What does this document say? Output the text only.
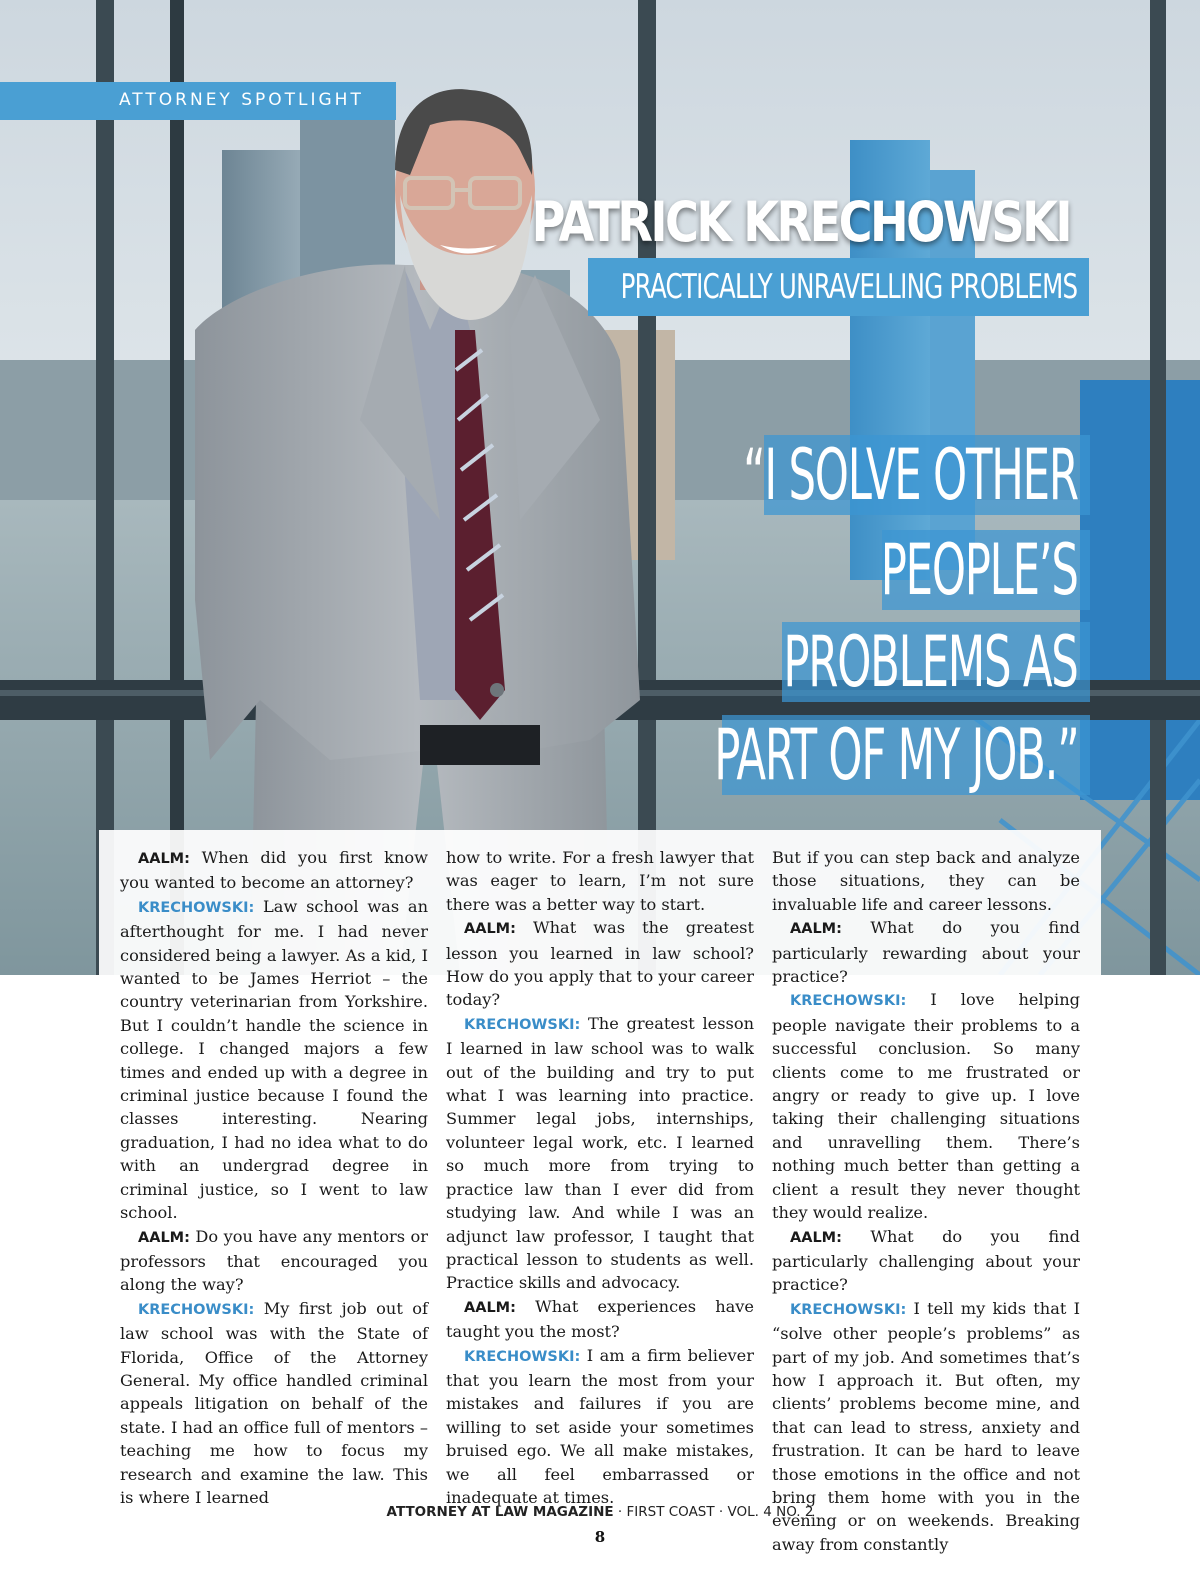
ATTORNEY SPOTLIGHT
PATRICK KRECHOWSKI
PRACTICALLY UNRAVELLING PROBLEMS
“I SOLVE OTHER
PEOPLE’S
PROBLEMS AS
PART OF MY JOB.”

AALM: When did you first know you wanted to become an attorney?

KRECHOWSKI: Law school was an afterthought for me. I had never considered being a lawyer. As a kid, I wanted to be James Herriot – the country veterinarian from Yorkshire. But I couldn’t handle the science in college. I changed majors a few times and ended up with a degree in criminal justice because I found the classes interesting. Nearing graduation, I had no idea what to do with an undergrad degree in criminal justice, so I went to law school.

AALM: Do you have any mentors or professors that encouraged you along the way?

KRECHOWSKI: My first job out of law school was with the State of Florida, Office of the Attorney General. My office handled criminal appeals litigation on behalf of the state. I had an office full of mentors – teaching me how to focus my research and examine the law. This is where I learned

how to write. For a fresh lawyer that was eager to learn, I’m not sure there was a better way to start.

AALM: What was the greatest lesson you learned in law school? How do you apply that to your career today?

KRECHOWSKI: The greatest lesson I learned in law school was to walk out of the building and try to put what I was learning into practice. Summer legal jobs, internships, volunteer legal work, etc. I learned so much more from trying to practice law than I ever did from studying law. And while I was an adjunct law professor, I taught that practical lesson to students as well. Practice skills and advocacy.

AALM: What experiences have taught you the most?

KRECHOWSKI: I am a firm believer that you learn the most from your mistakes and failures if you are willing to set aside your sometimes bruised ego. We all make mistakes, we all feel embarrassed or inadequate at times.

But if you can step back and analyze those situations, they can be invaluable life and career lessons.

AALM: What do you find particularly rewarding about your practice?

KRECHOWSKI: I love helping people navigate their problems to a successful conclusion. So many clients come to me frustrated or angry or ready to give up. I love taking their challenging situations and unravelling them. There’s nothing much better than getting a client a result they never thought they would realize.

AALM: What do you find particularly challenging about your practice?

KRECHOWSKI: I tell my kids that I “solve other people’s problems” as part of my job. And sometimes that’s how I approach it. But often, my clients’ problems become mine, and that can lead to stress, anxiety and frustration. It can be hard to leave those emotions in the office and not bring them home with you in the evening or on weekends. Breaking away from constantly

ATTORNEY AT LAW MAGAZINE · FIRST COAST · VOL. 4 NO. 2
8
